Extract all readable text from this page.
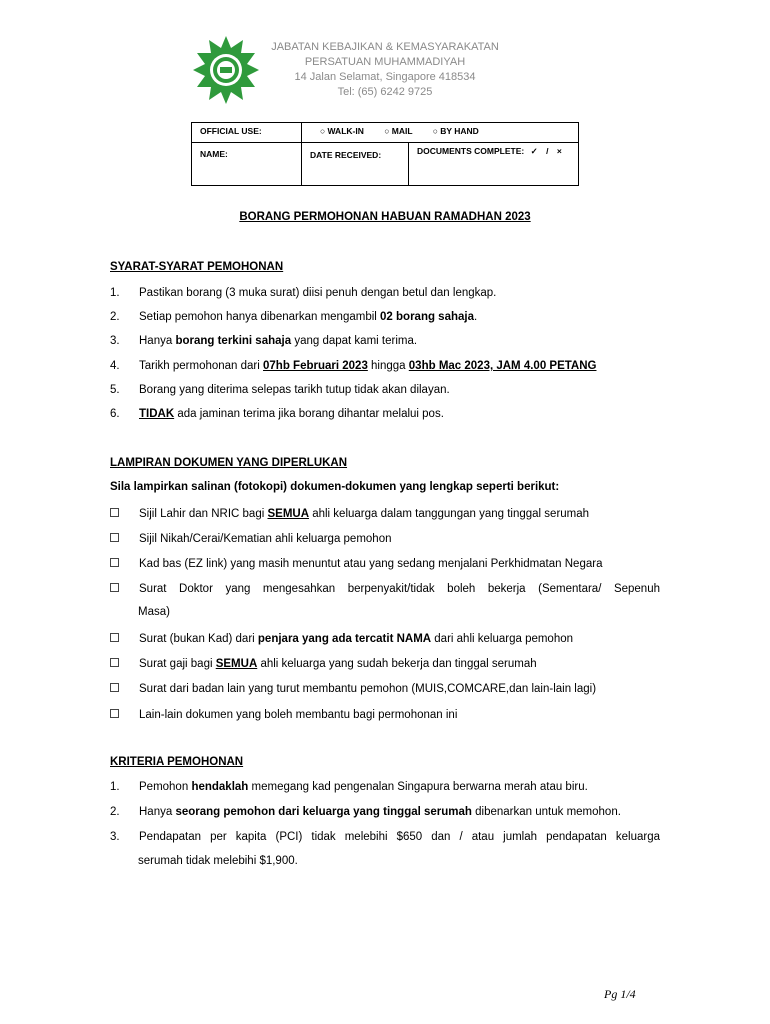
JABATAN KEBAJIKAN & KEMASYARAKATAN
PERSATUAN MUHAMMADIYAH
14 Jalan Selamat, Singapore 418534
Tel: (65) 6242 9725
OFFICIAL USE:	○ WALK-IN ○ MAIL ○ BY HAND	
NAME:	DATE RECEIVED:	DOCUMENTS COMPLETE: ✓ / ×
BORANG PERMOHONAN HABUAN RAMADHAN 2023
SYARAT-SYARAT PEMOHONAN
1. Pastikan borang (3 muka surat) diisi penuh dengan betul dan lengkap.
2. Setiap pemohon hanya dibenarkan mengambil 02 borang sahaja.
3. Hanya borang terkini sahaja yang dapat kami terima.
4. Tarikh permohonan dari 07hb Februari 2023 hingga 03hb Mac 2023, JAM 4.00 PETANG
5. Borang yang diterima selepas tarikh tutup tidak akan dilayan.
6. TIDAK ada jaminan terima jika borang dihantar melalui pos.
LAMPIRAN DOKUMEN YANG DIPERLUKAN
Sila lampirkan salinan (fotokopi) dokumen-dokumen yang lengkap seperti berikut:
Sijil Lahir dan NRIC bagi SEMUA ahli keluarga dalam tanggungan yang tinggal serumah
Sijil Nikah/Cerai/Kematian ahli keluarga pemohon
Kad bas (EZ link) yang masih menuntut atau yang sedang menjalani Perkhidmatan Negara
Surat Doktor yang mengesahkan berpenyakit/tidak boleh bekerja (Sementara/ Sepenuh
Masa)
Surat (bukan Kad) dari penjara yang ada tercatit NAMA dari ahli keluarga pemohon
Surat gaji bagi SEMUA ahli keluarga yang sudah bekerja dan tinggal serumah
Surat dari badan lain yang turut membantu pemohon (MUIS,COMCARE,dan lain-lain lagi)
Lain-lain dokumen yang boleh membantu bagi permohonan ini
KRITERIA PEMOHONAN
1. Pemohon hendaklah memegang kad pengenalan Singapura berwarna merah atau biru.
2. Hanya seorang pemohon dari keluarga yang tinggal serumah dibenarkan untuk memohon.
3. Pendapatan per kapita (PCI) tidak melebihi $650 dan / atau jumlah pendapatan keluarga
serumah tidak melebihi $1,900.
Pg 1/4
